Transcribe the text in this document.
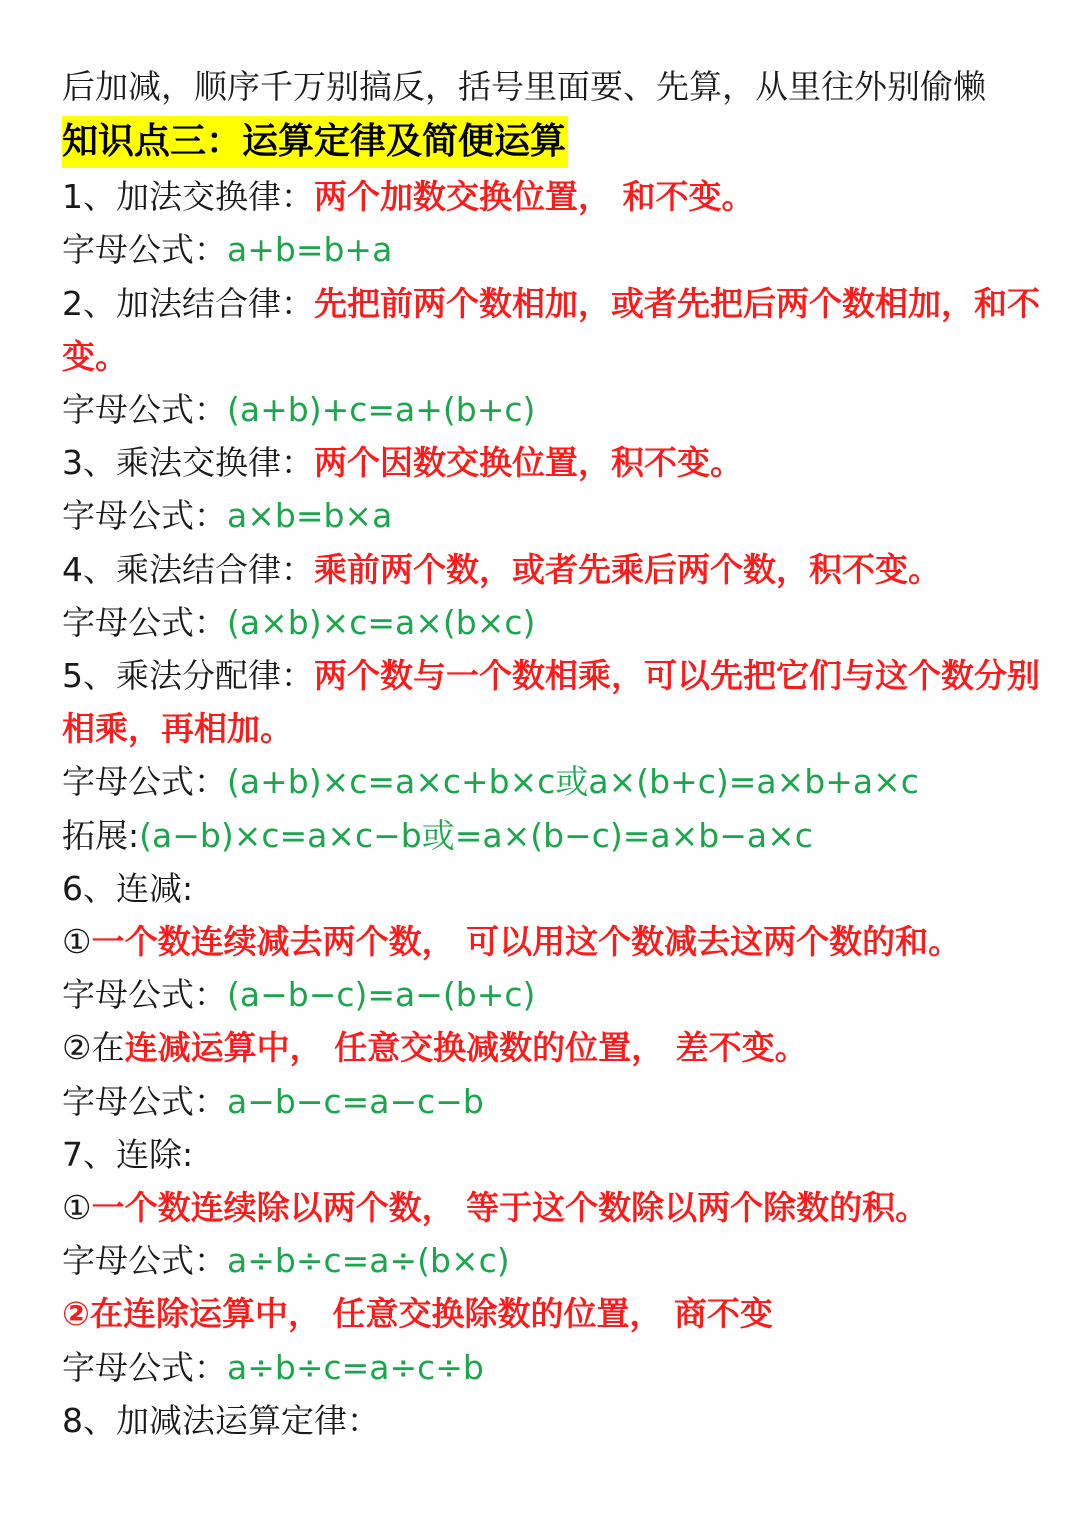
后加减，顺序千万别搞反，括号里面要、先算，从里往外别偷懒
知识点三：运算定律及简便运算
1、加法交换律：两个加数交换位置， 和不变。
字母公式：a+b=b+a
2、加法结合律：先把前两个数相加，或者先把后两个数相加，和不变。
字母公式：(a+b)+c=a+(b+c)
3、乘法交换律：两个因数交换位置，积不变。
字母公式：a×b=b×a
4、乘法结合律：乘前两个数，或者先乘后两个数，积不变。
字母公式：(a×b)×c=a×(b×c)
5、乘法分配律：两个数与一个数相乘，可以先把它们与这个数分别相乘，再相加。
字母公式：(a+b)×c=a×c+b×c或a×(b+c)=a×b+a×c
拓展:(a−b)×c=a×c−b或=a×(b−c)=a×b−a×c
6、连减:
①一个数连续减去两个数， 可以用这个数减去这两个数的和。
字母公式：(a−b−c)=a−(b+c)
②在连减运算中， 任意交换减数的位置， 差不变。
字母公式：a−b−c=a−c−b
7、连除:
①一个数连续除以两个数， 等于这个数除以两个除数的积。
字母公式：a÷b÷c=a÷(b×c)
②在连除运算中， 任意交换除数的位置， 商不变
字母公式：a÷b÷c=a÷c÷b
8、加减法运算定律：
